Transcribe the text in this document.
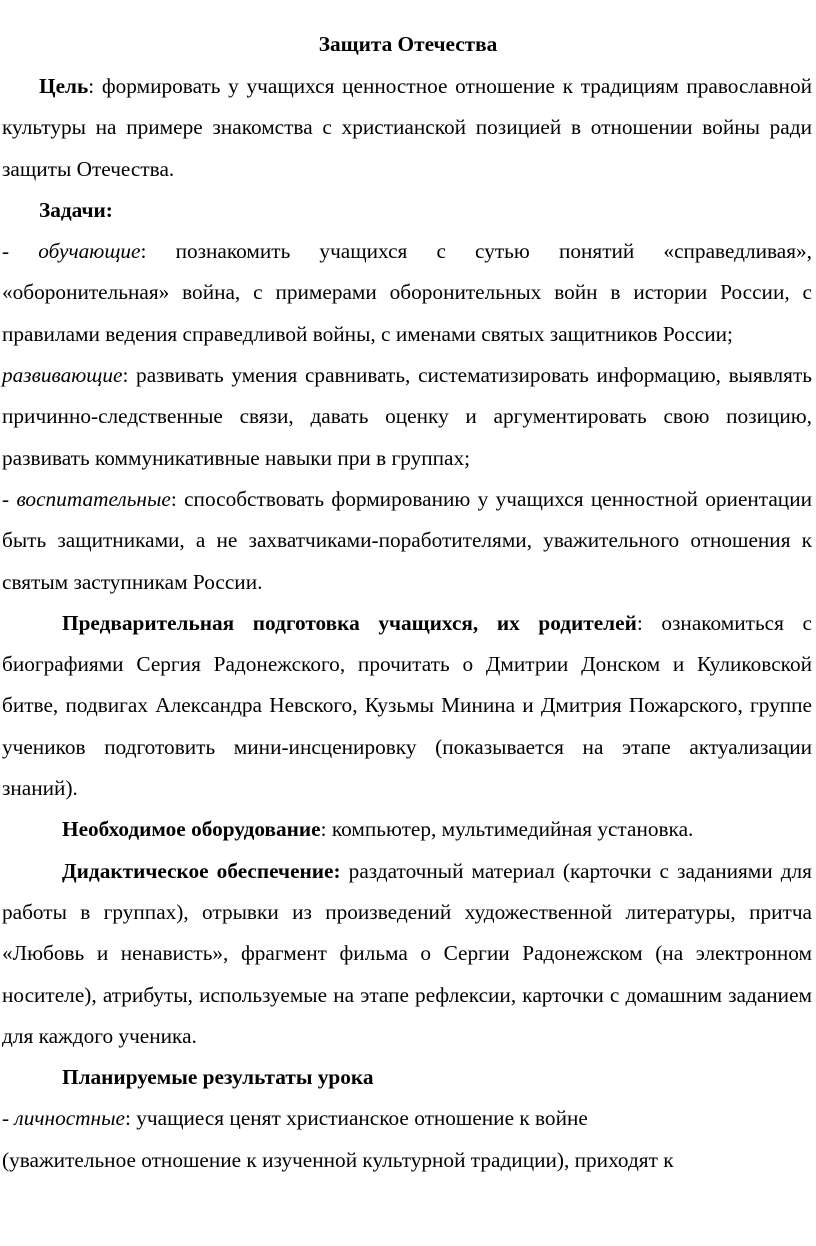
Защита Отечества

Цель: формировать у учащихся ценностное отношение к традициям православной культуры на примере знакомства с христианской позицией в отношении войны ради защиты Отечества.

Задачи:

- обучающие: познакомить учащихся с сутью понятий «справедливая», «оборонительная» война, с примерами оборонительных войн в истории России, с правилами ведения справедливой войны, с именами святых защитников России;

развивающие: развивать умения сравнивать, систематизировать информацию, выявлять причинно-следственные связи, давать оценку и аргументировать свою позицию, развивать коммуникативные навыки при в группах;

- воспитательные: способствовать формированию у учащихся ценностной ориентации быть защитниками, а не захватчиками-поработителями, уважительного отношения к святым заступникам России.

Предварительная подготовка учащихся, их родителей: ознакомиться с биографиями Сергия Радонежского, прочитать о Дмитрии Донском и Куликовской битве, подвигах Александра Невского, Кузьмы Минина и Дмитрия Пожарского, группе учеников подготовить мини-инсценировку (показывается на этапе актуализации знаний).

Необходимое оборудование: компьютер, мультимедийная установка.

Дидактическое обеспечение: раздаточный материал (карточки с заданиями для работы в группах), отрывки из произведений художественной литературы, притча «Любовь и ненависть», фрагмент фильма о Сергии Радонежском (на электронном носителе), атрибуты, используемые на этапе рефлексии, карточки с домашним заданием для каждого ученика.

Планируемые результаты урока

- личностные: учащиеся ценят христианское отношение к войне
(уважительное отношение к изученной культурной традиции), приходят к
